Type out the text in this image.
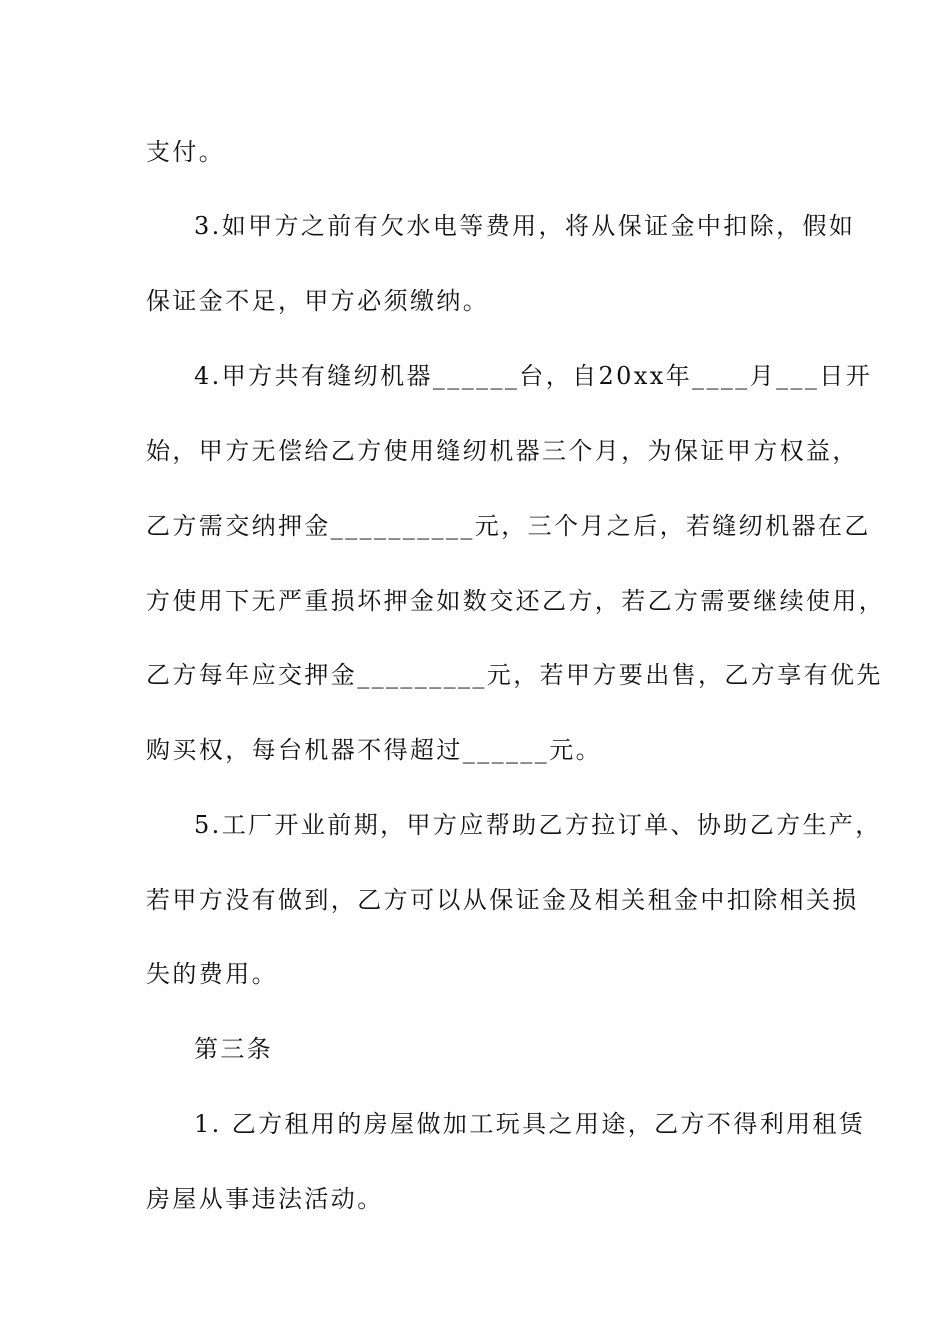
支付。

3.如甲方之前有欠水电等费用，将从保证金中扣除，假如

保证金不足，甲方必须缴纳。

4.甲方共有缝纫机器______台，自20xx年____月___日开

始，甲方无偿给乙方使用缝纫机器三个月，为保证甲方权益，

乙方需交纳押金__________元，三个月之后，若缝纫机器在乙

方使用下无严重损坏押金如数交还乙方，若乙方需要继续使用，

乙方每年应交押金_________元，若甲方要出售，乙方享有优先

购买权，每台机器不得超过______元。

5.工厂开业前期，甲方应帮助乙方拉订单、协助乙方生产，

若甲方没有做到，乙方可以从保证金及相关租金中扣除相关损

失的费用。

第三条

1. 乙方租用的房屋做加工玩具之用途，乙方不得利用租赁

房屋从事违法活动。
